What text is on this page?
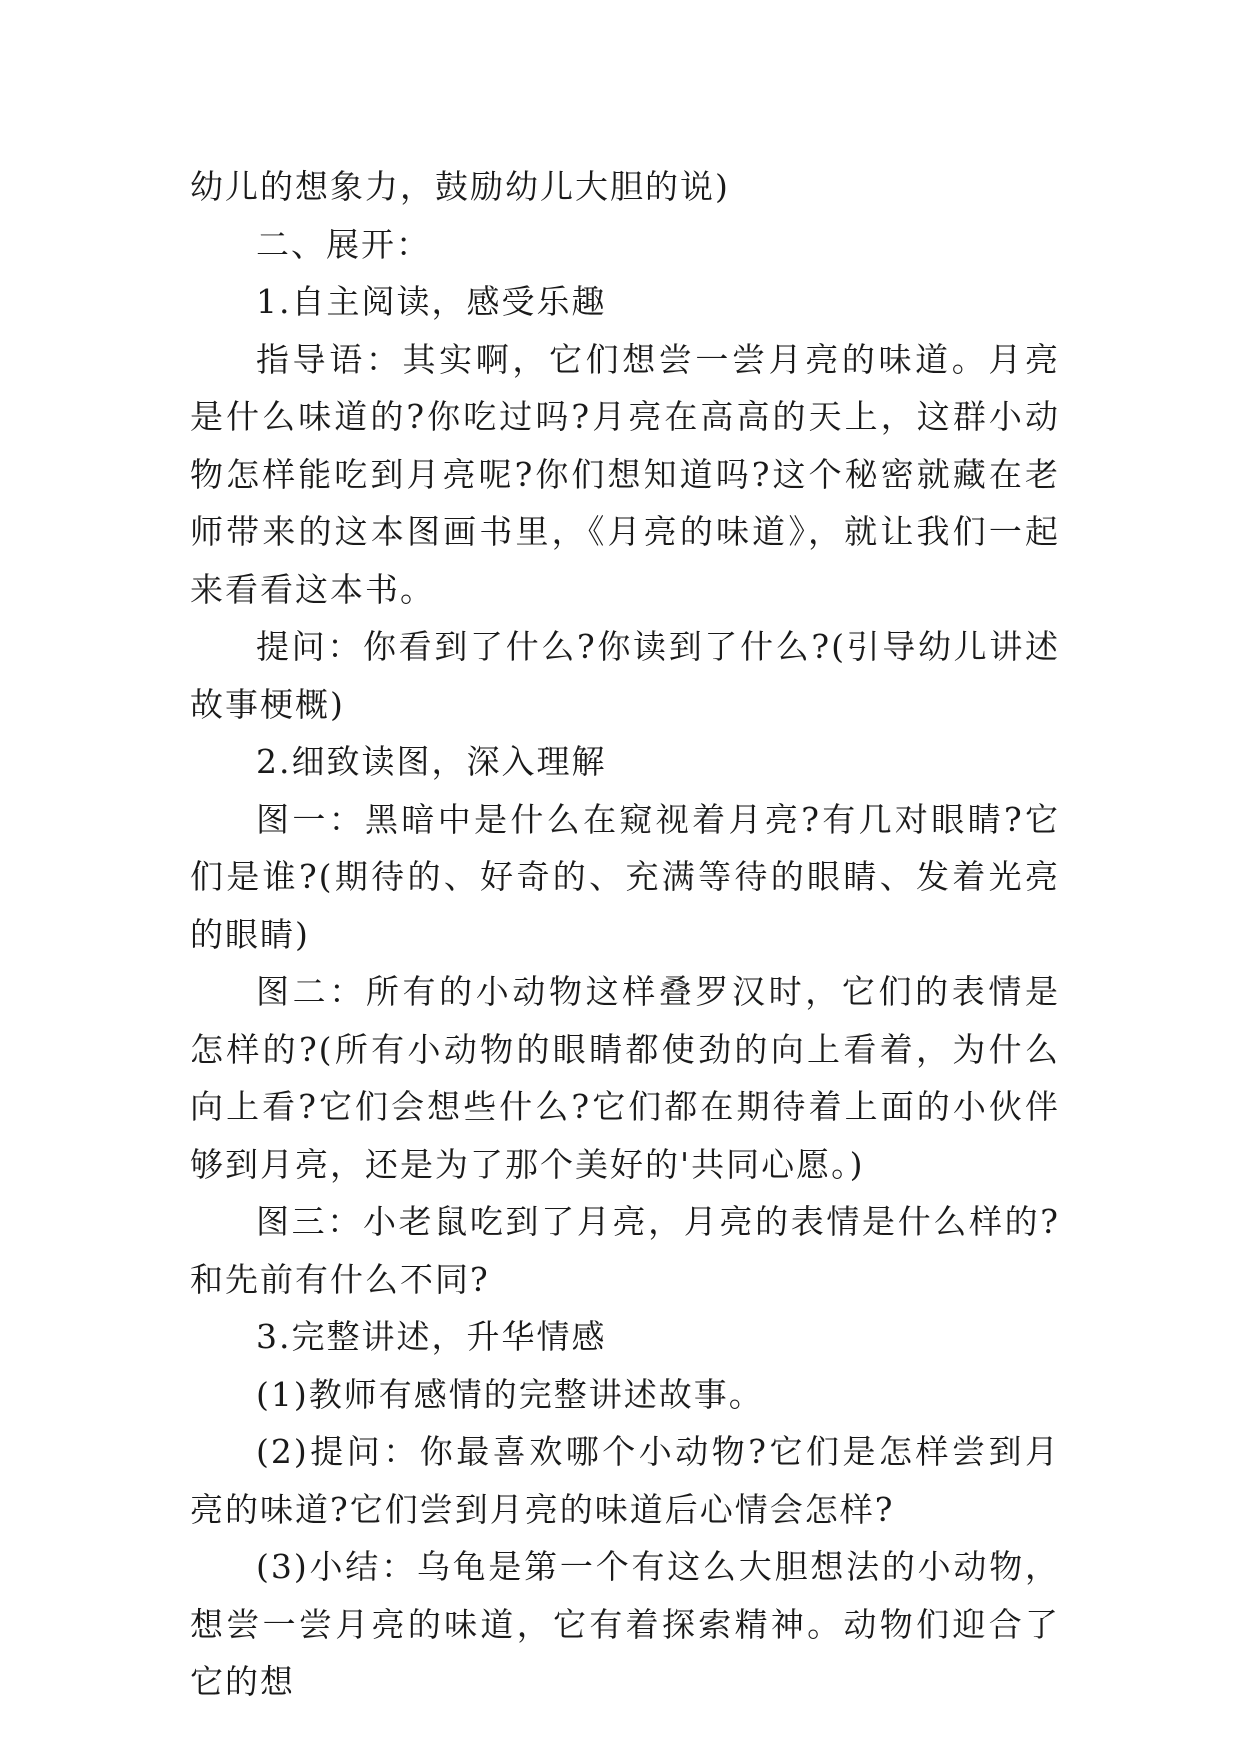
幼儿的想象力，鼓励幼儿大胆的说)

二、展开：

1.自主阅读，感受乐趣

指导语：其实啊，它们想尝一尝月亮的味道。月亮是什么味道的?你吃过吗?月亮在高高的天上，这群小动物怎样能吃到月亮呢?你们想知道吗?这个秘密就藏在老师带来的这本图画书里，《月亮的味道》，就让我们一起来看看这本书。

提问：你看到了什么?你读到了什么?(引导幼儿讲述故事梗概)

2.细致读图，深入理解

图一：黑暗中是什么在窥视着月亮?有几对眼睛?它们是谁?(期待的、好奇的、充满等待的眼睛、发着光亮的眼睛)

图二：所有的小动物这样叠罗汉时，它们的表情是怎样的?(所有小动物的眼睛都使劲的向上看着，为什么向上看?它们会想些什么?它们都在期待着上面的小伙伴够到月亮，还是为了那个美好的'共同心愿。)

图三：小老鼠吃到了月亮，月亮的表情是什么样的?和先前有什么不同?

3.完整讲述，升华情感

(1)教师有感情的完整讲述故事。

(2)提问：你最喜欢哪个小动物?它们是怎样尝到月亮的味道?它们尝到月亮的味道后心情会怎样?

(3)小结：乌龟是第一个有这么大胆想法的小动物，想尝一尝月亮的味道，它有着探索精神。动物们迎合了它的想
